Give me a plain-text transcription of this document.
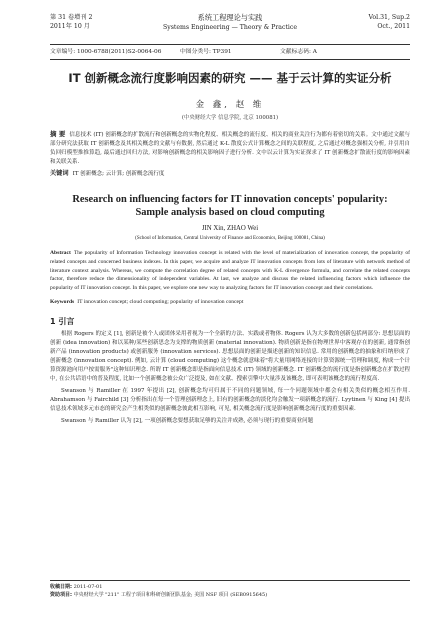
第 31 卷增刊 2
2011年 10 月
系统工程理论与实践
Systems Engineering — Theory & Practice
Vol.31, Sup.2
Oct., 2011
文章编号: 1000-6788(2011)S2-0064-06	中图分类号: TP391	文献标志码: A
IT 创新概念流行度影响因素的研究 —— 基于云计算的实证分析
金 鑫, 赵 维
(中央财经大学 信息学院, 北京 100081)
摘 要 信息技术 (IT) 创新概念的扩散流行和创新概念的实物化程度、相关概念的流行度、相关的商业关注行为都有着密切的关系。文中通过文献与部分研究法获取 IT 创新概念及其相关概念的文献与有数据, 然后通过 K-L 散度公式计算概念之间的关联程度, 之后通过对概念强相关分析, 并引用自负回归模型推推算趋, 最后通过回归方法, 对影响创新概念的相关影响因子进行分析. 文中以云计算为实证探求了 IT 创新概念扩散流行度的影响因素和关联关系.
关键词 IT 创新概念; 云计算; 创新概念流行度
Research on influencing factors for IT innovation concepts' popularity: Sample analysis based on cloud computing
JIN Xin, ZHAO Wei
(School of Information, Central University of Finance and Economics, Beijing 100081, China)
Abstract The popularity of Information Technology innovation concept is related with the level of materialization of innovation concept, the popularity of related concepts and concerned business indexes. In this paper, we acquire and analyze IT innovation concepts from lots of literature with network method of literature context analysis. Whereas, we compute the correlation degree of related concepts with K-L divergence formula, and correlate the related concepts factor, therefore reduce the dimensionality of independent variables. At last, we analyze and discuss the related influencing factors which influence the popularity of IT innovation concept. In this paper, we explore one new way to analyzing factors for IT innovation concept and their correlations.
Keywords IT innovation concept; cloud computing; popularity of innovation concept
1 引言

根据 Rogers 的定义 [1], 创新是被个人或团体采用者视为一个全新的方法、实践或者物体. Rogers 认为大多数的创新包括两部分: 思想层面的创新 (idea innovation) 和以某种/某些创新思念为支撑的物质创新 (material innovation). 物质创新是指在物理世界中客观存在的创新, 通常指创新产品 (innovation products) 或创新服务 (innovation services). 思想层面的创新是描述创新的知识信息. 常用的创新概念的抽象和归纳形成了创新概念 (innovation concept). 例如, 云计算 (cloud computing) 这个概念就意味着"将大量用网络连接的计算资源统一管理和调度, 构成一个计算资源池向用户按需服务"这种知识理念. 所谓 IT 创新概念即是指面向信息技术 (IT) 领域的创新概念. IT 创新概念的流行度是指创新概念在扩散过程中, 在公共话语中的普及程度, 比如一个创新概念被公众广泛提及, 如在文献、搜索引擎中大量涉及该概念, 即可表明该概念的流行程度高.

Swanson 与 Ramiller 在 1997 年提出 [2], 创新概念均可归属于不同的问题领域, 每一个问题领域中都会有相关类似的概念相互作用. Abrahamson 与 Fairchild [3] 分析指出在每一个管理创新理念上, 旧有的创新概念的淡化均会触发一项新概念的流行. Lyytinen 与 King [4] 提出信息技术领域多元市态的研究会产生相类似的创新概念彼此相互影响, 可见, 相关概念流行度是影响创新概念流行度的重要因素.

Swanson 与 Ramiller 认为 [2], 一项创新概念要想获取足够的关注并成熟, 必须与现行的重要商业问题

收稿日期: 2011-07-01
资助项目: 中央财经大学 "211" 工程子项目和科研创新团队基金; 美国 NSF 项目 (SEB0915645)
